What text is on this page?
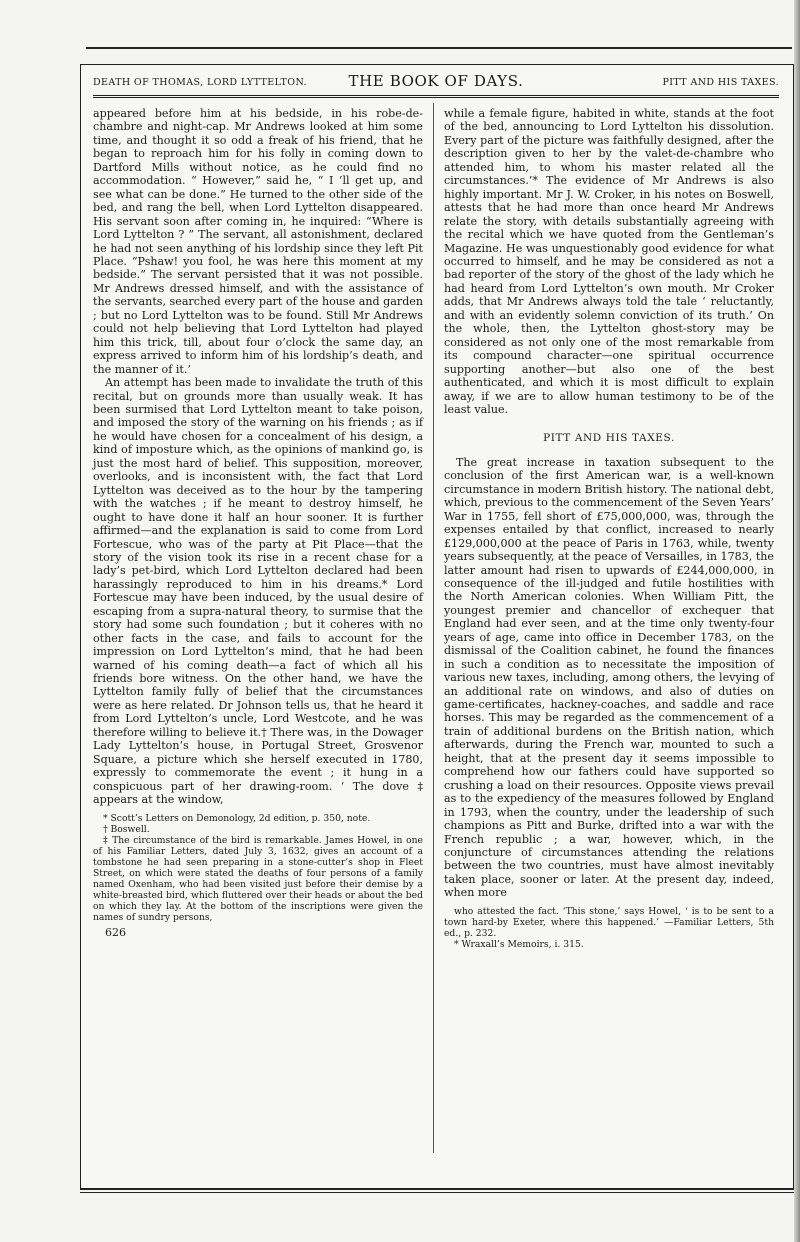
DEATH OF THOMAS, LORD LYTTELTON.	THE BOOK OF DAYS.	PITT AND HIS TAXES.

appeared before him at his bedside, in his robe-de-chambre and night-cap. Mr Andrews looked at him some time, and thought it so odd a freak of his friend, that he began to reproach him for his folly in coming down to Dartford Mills without notice, as he could find no accommodation. “ However,” said he, “ I ’ll get up, and see what can be done.” He turned to the other side of the bed, and rang the bell, when Lord Lyttelton disappeared. His servant soon after coming in, he inquired: “Where is Lord Lyttelton ? ” The servant, all astonishment, declared he had not seen anything of his lordship since they left Pit Place. “Pshaw! you fool, he was here this moment at my bedside.” The servant persisted that it was not possible. Mr Andrews dressed himself, and with the assistance of the servants, searched every part of the house and garden ; but no Lord Lyttelton was to be found. Still Mr Andrews could not help believing that Lord Lyttelton had played him this trick, till, about four o’clock the same day, an express arrived to inform him of his lordship’s death, and the manner of it.’

An attempt has been made to invalidate the truth of this recital, but on grounds more than usually weak. It has been surmised that Lord Lyttelton meant to take poison, and imposed the story of the warning on his friends ; as if he would have chosen for a concealment of his design, a kind of imposture which, as the opinions of mankind go, is just the most hard of belief. This supposition, moreover, overlooks, and is inconsistent with, the fact that Lord Lyttelton was deceived as to the hour by the tampering with the watches ; if he meant to destroy himself, he ought to have done it half an hour sooner. It is further affirmed—and the explanation is said to come from Lord Fortescue, who was of the party at Pit Place—that the story of the vision took its rise in a recent chase for a lady’s pet-bird, which Lord Lyttelton declared had been harassingly reproduced to him in his dreams.* Lord Fortescue may have been induced, by the usual desire of escaping from a supra-natural theory, to surmise that the story had some such foundation ; but it coheres with no other facts in the case, and fails to account for the impression on Lord Lyttelton’s mind, that he had been warned of his coming death—a fact of which all his friends bore witness. On the other hand, we have the Lyttelton family fully of belief that the circumstances were as here related. Dr Johnson tells us, that he heard it from Lord Lyttelton’s uncle, Lord Westcote, and he was therefore willing to believe it.† There was, in the Dowager Lady Lyttelton’s house, in Portugal Street, Grosvenor Square, a picture which she herself executed in 1780, expressly to commemorate the event ; it hung in a conspicuous part of her drawing-room. ‘ The dove ‡ appears at the window,

* Scott’s Letters on Demonology, 2d edition, p. 350, note.

† Boswell.

‡ The circumstance of the bird is remarkable. James Howel, in one of his Familiar Letters, dated July 3, 1632, gives an account of a tombstone he had seen preparing in a stone-cutter’s shop in Fleet Street, on which were stated the deaths of four persons of a family named Oxenham, who had been visited just before their demise by a white-breasted bird, which fluttered over their heads or about the bed on which they lay. At the bottom of the inscriptions were given the names of sundry persons,

626

while a female figure, habited in white, stands at the foot of the bed, announcing to Lord Lyttelton his dissolution. Every part of the picture was faithfully designed, after the description given to her by the valet-de-chambre who attended him, to whom his master related all the circumstances.’* The evidence of Mr Andrews is also highly important. Mr J. W. Croker, in his notes on Boswell, attests that he had more than once heard Mr Andrews relate the story, with details substantially agreeing with the recital which we have quoted from the Gentleman’s Magazine. He was unquestionably good evidence for what occurred to himself, and he may be considered as not a bad reporter of the story of the ghost of the lady which he had heard from Lord Lyttelton’s own mouth. Mr Croker adds, that Mr Andrews always told the tale ‘ reluctantly, and with an evidently solemn conviction of its truth.’ On the whole, then, the Lyttelton ghost-story may be considered as not only one of the most remarkable from its compound character—one spiritual occurrence supporting another—but also one of the best authenticated, and which it is most difficult to explain away, if we are to allow human testimony to be of the least value.

PITT AND HIS TAXES.

The great increase in taxation subsequent to the conclusion of the first American war, is a well-known circumstance in modern British history. The national debt, which, previous to the commencement of the Seven Years’ War in 1755, fell short of £75,000,000, was, through the expenses entailed by that conflict, increased to nearly £129,000,000 at the peace of Paris in 1763, while, twenty years subsequently, at the peace of Versailles, in 1783, the latter amount had risen to upwards of £244,000,000, in consequence of the ill-judged and futile hostilities with the North American colonies. When William Pitt, the youngest premier and chancellor of exchequer that England had ever seen, and at the time only twenty-four years of age, came into office in December 1783, on the dismissal of the Coalition cabinet, he found the finances in such a condition as to necessitate the imposition of various new taxes, including, among others, the levying of an additional rate on windows, and also of duties on game-certificates, hackney-coaches, and saddle and race horses. This may be regarded as the commencement of a train of additional burdens on the British nation, which afterwards, during the French war, mounted to such a height, that at the present day it seems impossible to comprehend how our fathers could have supported so crushing a load on their resources. Opposite views prevail as to the expediency of the measures followed by England in 1793, when the country, under the leadership of such champions as Pitt and Burke, drifted into a war with the French republic ; a war, however, which, in the conjuncture of circumstances attending the relations between the two countries, must have almost inevitably taken place, sooner or later. At the present day, indeed, when more

who attested the fact. ‘This stone,’ says Howel, ‘ is to be sent to a town hard-by Exeter, where this happened.’ —Familiar Letters, 5th ed., p. 232.

* Wraxall’s Memoirs, i. 315.
